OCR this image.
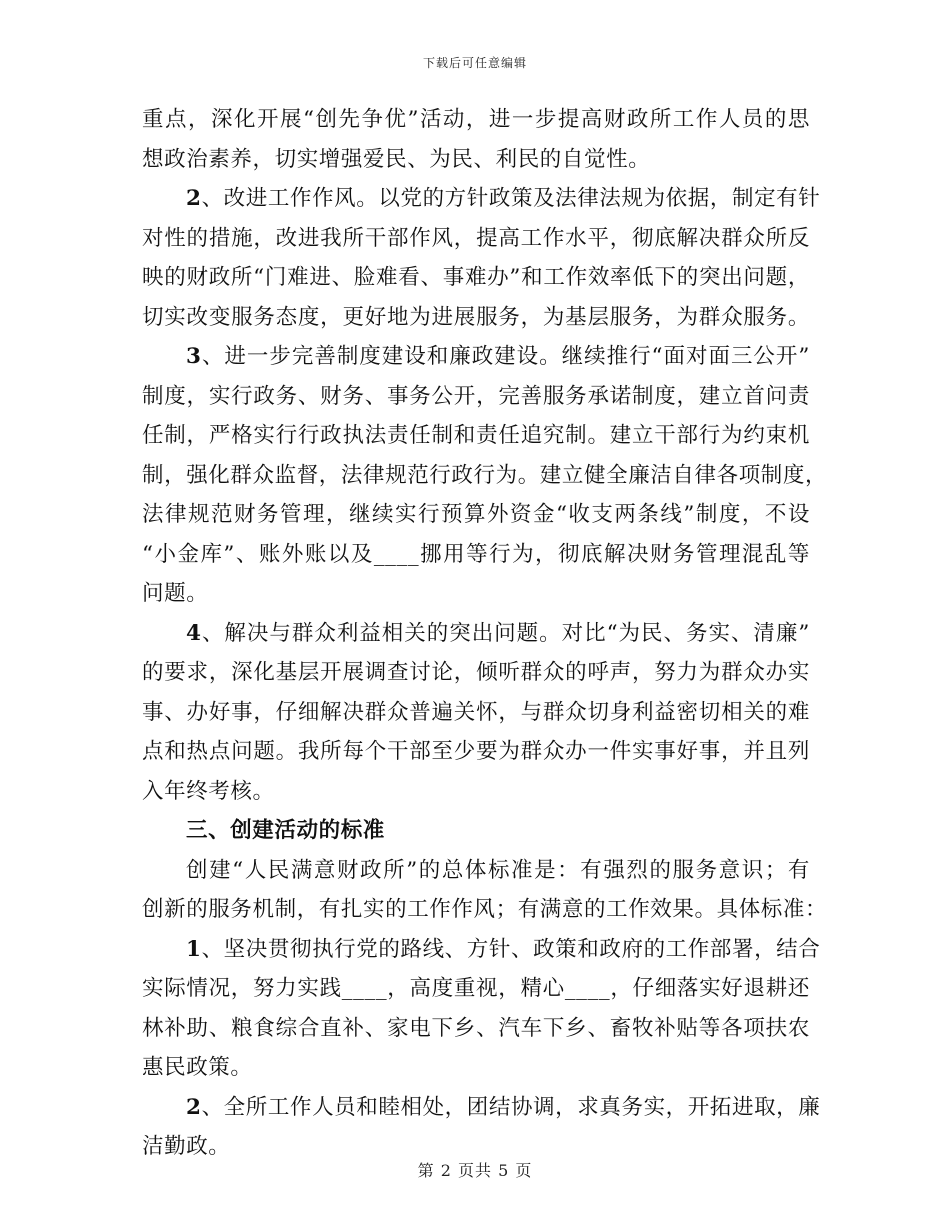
下载后可任意编辑
重点，深化开展“创先争优”活动，进一步提高财政所工作人员的思
想政治素养，切实增强爱民、为民、利民的自觉性。
2、改进工作作风。以党的方针政策及法律法规为依据，制定有针
对性的措施，改进我所干部作风，提高工作水平，彻底解决群众所反
映的财政所“门难进、脸难看、事难办”和工作效率低下的突出问题，
切实改变服务态度，更好地为进展服务，为基层服务，为群众服务。
3、进一步完善制度建设和廉政建设。继续推行“面对面三公开”
制度，实行政务、财务、事务公开，完善服务承诺制度，建立首问责
任制，严格实行行政执法责任制和责任追究制。建立干部行为约束机
制，强化群众监督，法律规范行政行为。建立健全廉洁自律各项制度，
法律规范财务管理，继续实行预算外资金“收支两条线”制度，不设
“小金库”、账外账以及____挪用等行为，彻底解决财务管理混乱等
问题。
4、解决与群众利益相关的突出问题。对比“为民、务实、清廉”
的要求，深化基层开展调查讨论，倾听群众的呼声，努力为群众办实
事、办好事，仔细解决群众普遍关怀，与群众切身利益密切相关的难
点和热点问题。我所每个干部至少要为群众办一件实事好事，并且列
入年终考核。
三、创建活动的标准
创建“人民满意财政所”的总体标准是：有强烈的服务意识；有
创新的服务机制，有扎实的工作作风；有满意的工作效果。具体标准：
1、坚决贯彻执行党的路线、方针、政策和政府的工作部署，结合
实际情况，努力实践____，高度重视，精心____，仔细落实好退耕还
林补助、粮食综合直补、家电下乡、汽车下乡、畜牧补贴等各项扶农
惠民政策。
2、全所工作人员和睦相处，团结协调，求真务实，开拓进取，廉
洁勤政。
第 2 页共 5 页
